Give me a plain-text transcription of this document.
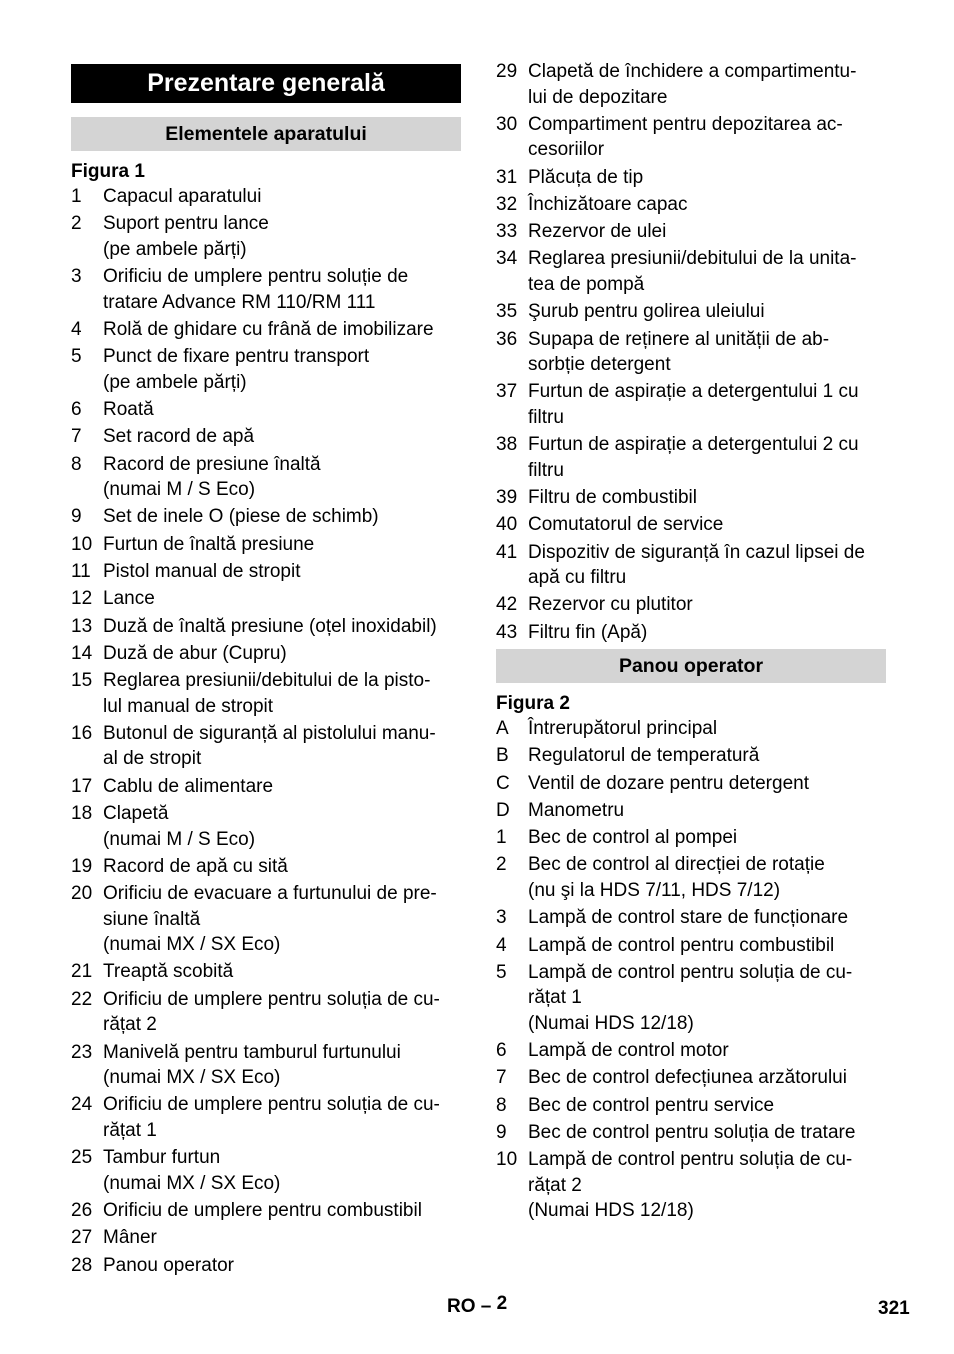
Prezentare generală
Elementele aparatului
Figura 1
1	Capacul aparatului
2	Suport pentru lance
(pe ambele părți)
3	Orificiu de umplere pentru soluție de
tratare Advance RM 110/RM 111
4	Rolă de ghidare cu frână de imobilizare
5	Punct de fixare pentru transport
(pe ambele părți)
6	Roată
7	Set racord de apă
8	Racord de presiune înaltă
(numai M / S Eco)
9	Set de inele O (piese de schimb)
10 Furtun de înaltă presiune
11 Pistol manual de stropit
12 Lance
13 Duză de înaltă presiune (oțel inoxidabil)
14 Duză de abur (Cupru)
15 Reglarea presiunii/debitului de la pisto-
lul manual de stropit
16 Butonul de siguranță al pistolului manu-
al de stropit
17 Cablu de alimentare
18 Clapetă
(numai M / S Eco)
19 Racord de apă cu sită
20 Orificiu de evacuare a furtunului de pre-
siune înaltă
(numai MX / SX Eco)
21 Treaptă scobită
22 Orificiu de umplere pentru soluția de cu-
rățat 2
23 Manivelă pentru tamburul furtunului
(numai MX / SX Eco)
24 Orificiu de umplere pentru soluția de cu-
rățat 1
25 Tambur furtun
(numai MX / SX Eco)
26 Orificiu de umplere pentru combustibil
27 Mâner
28 Panou operator
29 Clapetă de închidere a compartimentu-
lui de depozitare
30 Compartiment pentru depozitarea ac-
cesoriilor
31 Plăcuța de tip
32 Închizătoare capac
33 Rezervor de ulei
34 Reglarea presiunii/debitului de la unita-
tea de pompă
35 Şurub pentru golirea uleiului
36 Supapa de reținere al unității de ab-
sorbție detergent
37 Furtun de aspirație a detergentului 1 cu
filtru
38 Furtun de aspirație a detergentului 2 cu
filtru
39 Filtru de combustibil
40 Comutatorul de service
41 Dispozitiv de siguranță în cazul lipsei de
apă cu filtru
42 Rezervor cu plutitor
43 Filtru fin (Apă)
Panou operator
Figura 2
A	Întrerupătorul principal
B	Regulatorul de temperatură
C Ventil de dozare pentru detergent
D Manometru
1	Bec de control al pompei
2	Bec de control al direcției de rotație
(nu şi la HDS 7/11, HDS 7/12)
3	Lampă de control stare de funcționare
4	Lampă de control pentru combustibil
5	Lampă de control pentru soluția de cu-
rățat 1
(Numai HDS 12/18)
6	Lampă de control motor
7	Bec de control defecțiunea arzătorului
8	Bec de control pentru service
9	Bec de control pentru soluția de tratare
10 Lampă de control pentru soluția de cu-
rățat 2
(Numai HDS 12/18)
RO – 2	321
